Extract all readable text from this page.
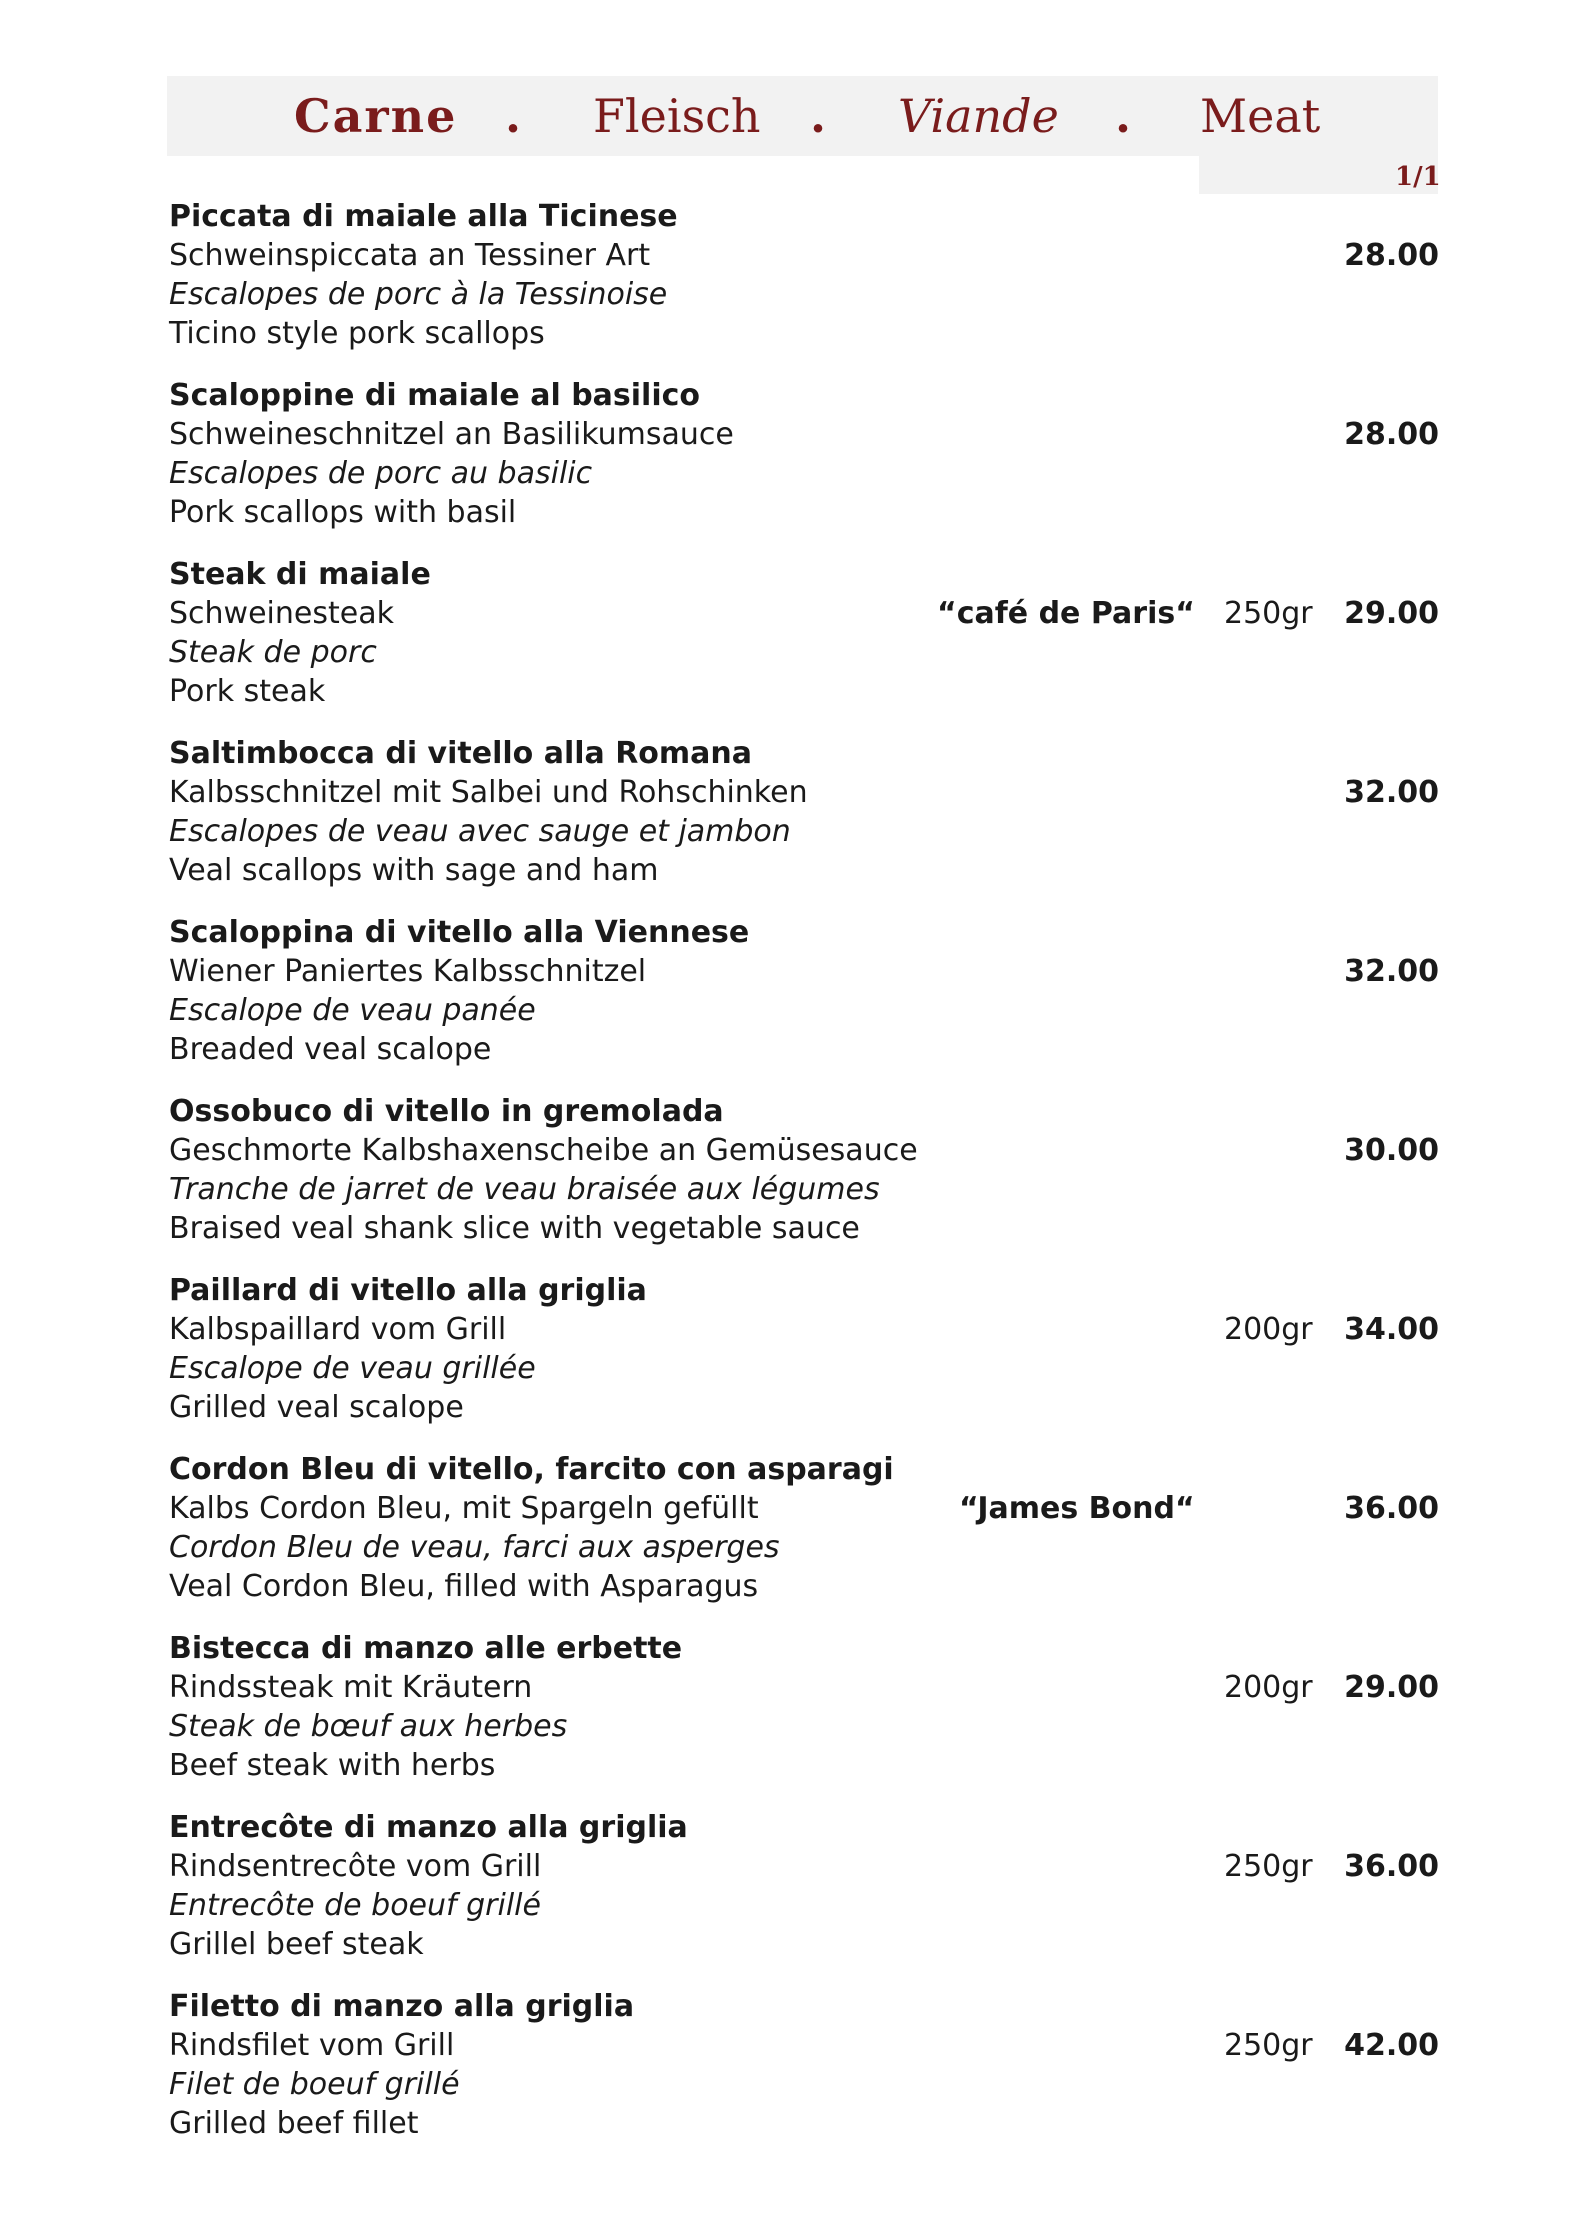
Carne . Fleisch . Viande . Meat
1/1
Piccata di maiale alla Ticinese
Schweinspiccata an Tessiner Art
Escalopes de porc à la Tessinoise
Ticino style pork scallops
28.00
Scaloppine di maiale al basilico
Schweineschnitzel an Basilikumsauce
Escalopes de porc au basilic
Pork scallops with basil
28.00
Steak di maiale
Schweinesteak
Steak de porc
Pork steak
“café de Paris“ 250gr 29.00
Saltimbocca di vitello alla Romana
Kalbsschnitzel mit Salbei und Rohschinken
Escalopes de veau avec sauge et jambon
Veal scallops with sage and ham
32.00
Scaloppina di vitello alla Viennese
Wiener Paniertes Kalbsschnitzel
Escalope de veau panée
Breaded veal scalope
32.00
Ossobuco di vitello in gremolada
Geschmorte Kalbshaxenscheibe an Gemüsesauce
Tranche de jarret de veau braisée aux légumes
Braised veal shank slice with vegetable sauce
30.00
Paillard di vitello alla griglia
Kalbspaillard vom Grill
Escalope de veau grillée
Grilled veal scalope
200gr 34.00
Cordon Bleu di vitello, farcito con asparagi
Kalbs Cordon Bleu, mit Spargeln gefüllt
Cordon Bleu de veau, farci aux asperges
Veal Cordon Bleu, filled with Asparagus
“James Bond“	36.00
Bistecca di manzo alle erbette
Rindssteak mit Kräutern
Steak de bœuf aux herbes
Beef steak with herbs
200gr 29.00
Entrecôte di manzo alla griglia
Rindsentrecôte vom Grill
Entrecôte de boeuf grillé
Grillel beef steak
250gr 36.00
Filetto di manzo alla griglia
Rindsfilet vom Grill
Filet de boeuf grillé
Grilled beef fillet
250gr 42.00
